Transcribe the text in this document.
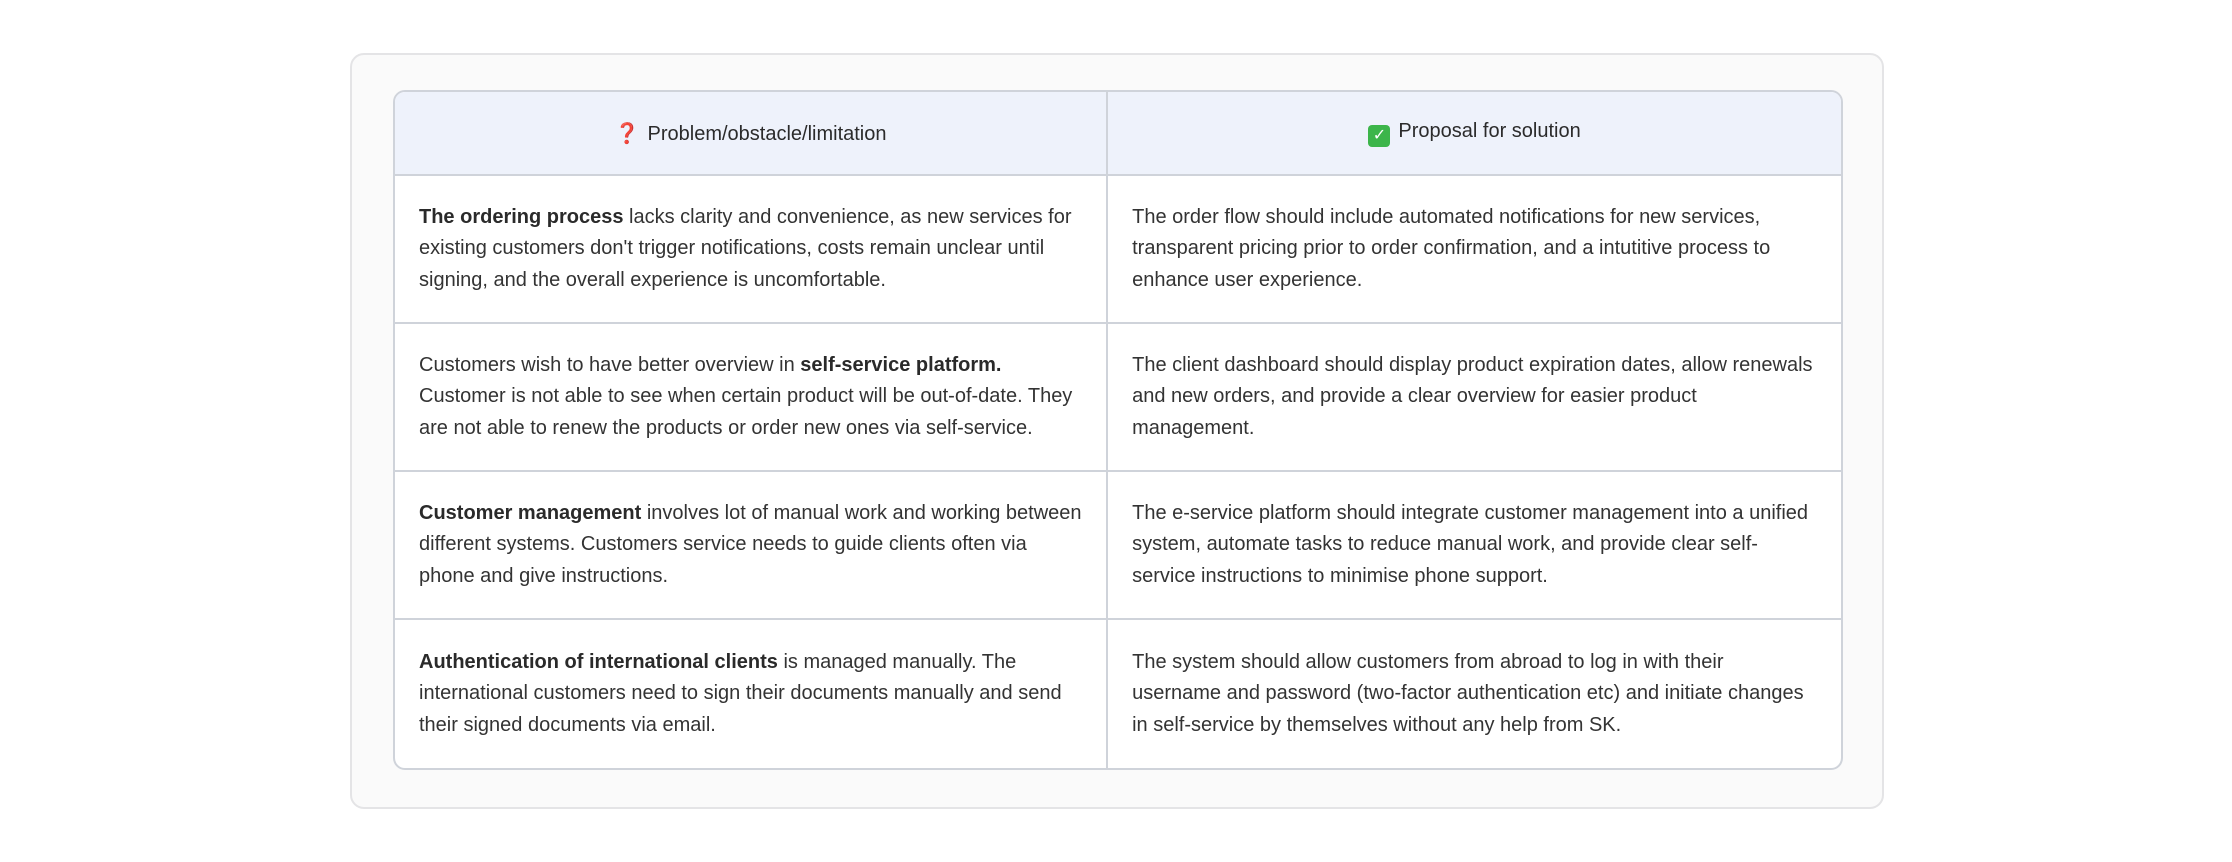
❓ Problem/obstacle/limitation	✓ Proposal for solution
The ordering process lacks clarity and convenience, as new services for existing customers don't trigger notifications, costs remain unclear until signing, and the overall experience is uncomfortable.	The order flow should include automated notifications for new services, transparent pricing prior to order confirmation, and a intutitive process to enhance user experience.
Customers wish to have better overview in self-service platform. Customer is not able to see when certain product will be out-of-date. They are not able to renew the products or order new ones via self-service.	The client dashboard should display product expiration dates, allow renewals and new orders, and provide a clear overview for easier product management.
Customer management involves lot of manual work and working between different systems. Customers service needs to guide clients often via phone and give instructions.	The e-service platform should integrate customer management into a unified system, automate tasks to reduce manual work, and provide clear self-service instructions to minimise phone support.
Authentication of international clients is managed manually. The international customers need to sign their documents manually and send their signed documents via email.	The system should allow customers from abroad to log in with their username and password (two-factor authentication etc) and initiate changes in self-service by themselves without any help from SK.
